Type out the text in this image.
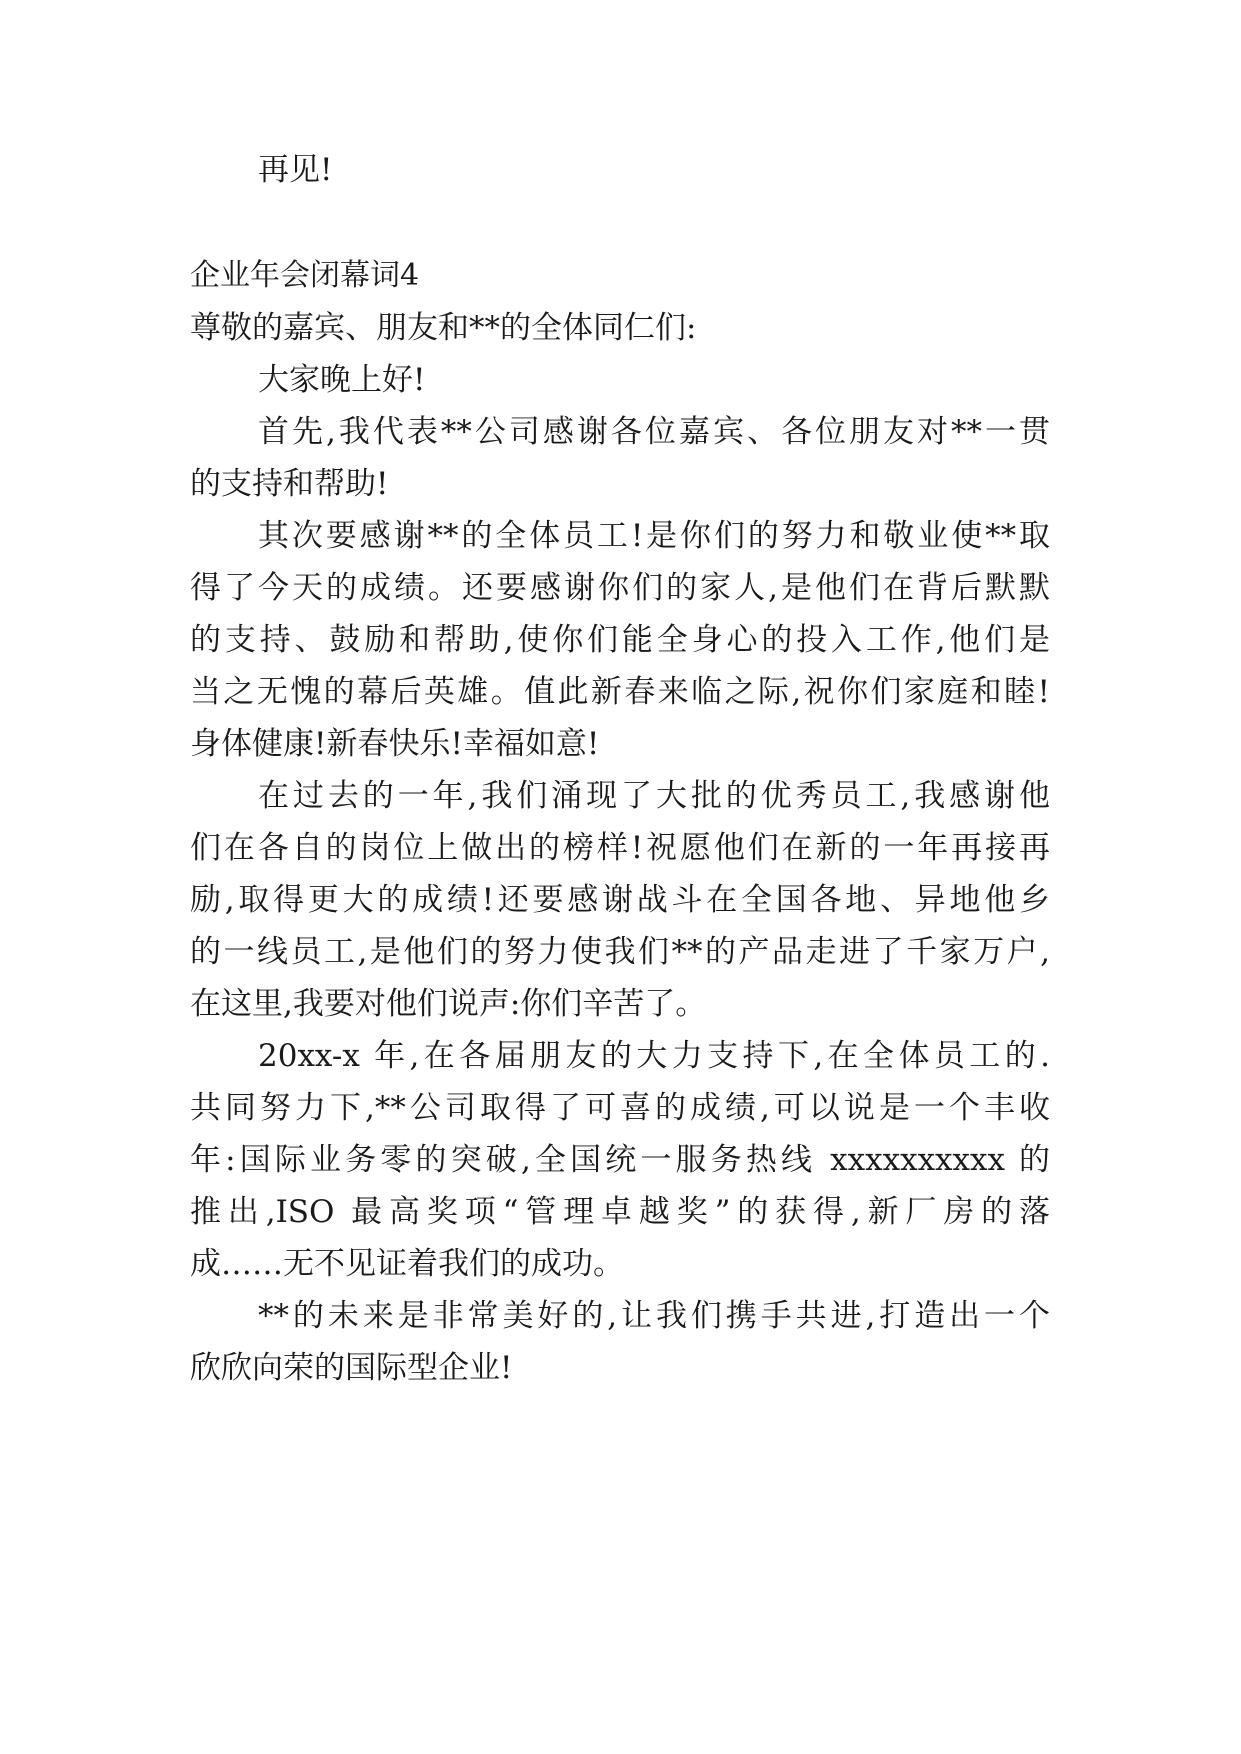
再见!
企业年会闭幕词4
尊敬的嘉宾、朋友和**的全体同仁们:
大家晚上好!
首先,我代表**公司感谢各位嘉宾、各位朋友对**一贯
的支持和帮助!
其次要感谢**的全体员工!是你们的努力和敬业使**取
得了今天的成绩。还要感谢你们的家人,是他们在背后默默
的支持、鼓励和帮助,使你们能全身心的投入工作,他们是
当之无愧的幕后英雄。值此新春来临之际,祝你们家庭和睦!
身体健康!新春快乐!幸福如意!
在过去的一年,我们涌现了大批的优秀员工,我感谢他
们在各自的岗位上做出的榜样!祝愿他们在新的一年再接再
励,取得更大的成绩!还要感谢战斗在全国各地、异地他乡
的一线员工,是他们的努力使我们**的产品走进了千家万户,
在这里,我要对他们说声:你们辛苦了。
20xx-x 年,在各届朋友的大力支持下,在全体员工的.
共同努力下,**公司取得了可喜的成绩,可以说是一个丰收
年:国际业务零的突破,全国统一服务热线 xxxxxxxxxx 的
推出,ISO 最高奖项“管理卓越奖”的获得,新厂房的落
成……无不见证着我们的成功。
**的未来是非常美好的,让我们携手共进,打造出一个
欣欣向荣的国际型企业!
